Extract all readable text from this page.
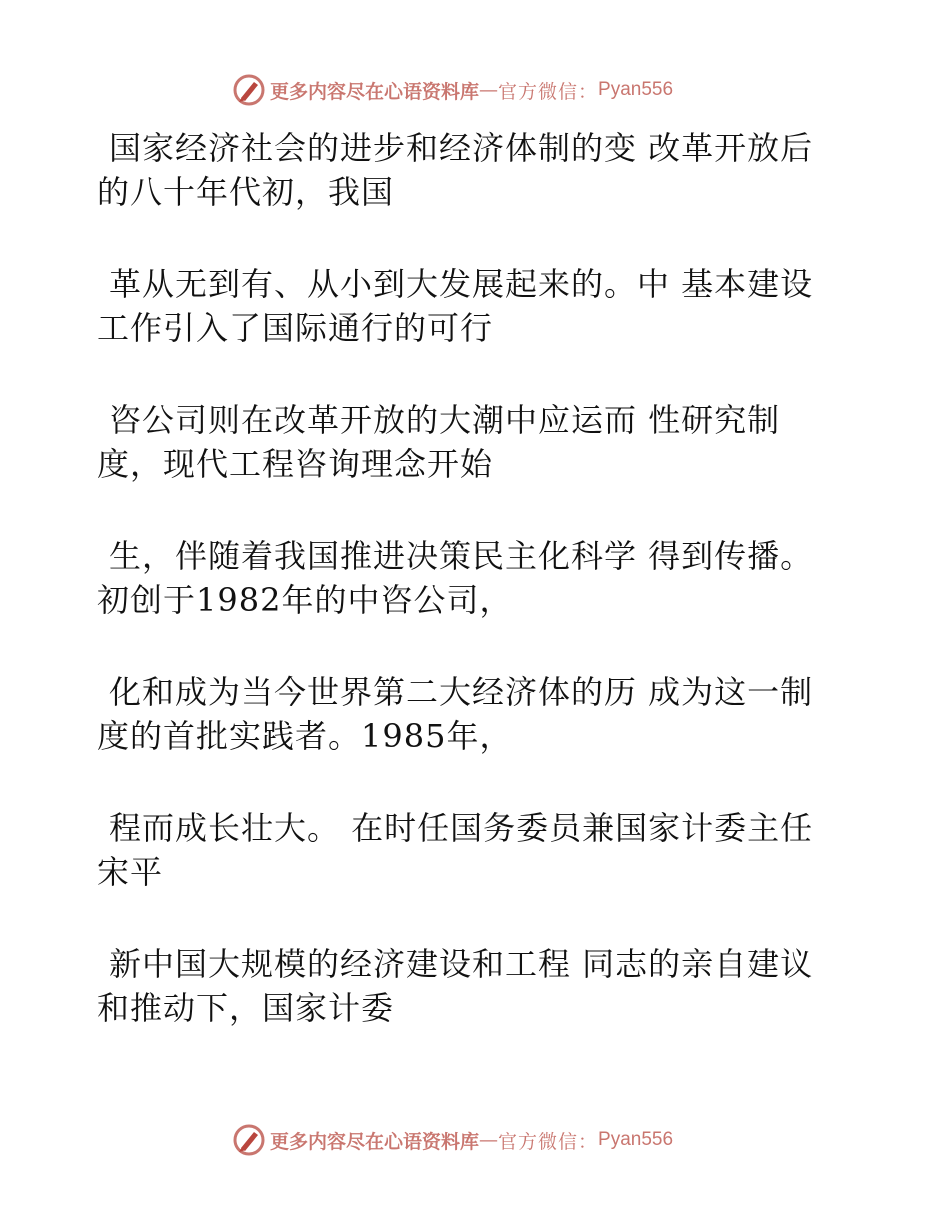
更多内容尽在心语资料库 — 官方微信： Pyan556

国家经济社会的进步和经济体制的变 改革开放后
的八十年代初，我国

革从无到有、从小到大发展起来的。中 基本建设
工作引入了国际通行的可行

咨公司则在改革开放的大潮中应运而 性研究制
度，现代工程咨询理念开始

生，伴随着我国推进决策民主化科学 得到传播。
初创于1982年的中咨公司，

化和成为当今世界第二大经济体的历 成为这一制
度的首批实践者。1985年，

程而成长壮大。 在时任国务委员兼国家计委主任
宋平

新中国大规模的经济建设和工程 同志的亲自建议
和推动下，国家计委

更多内容尽在心语资料库 — 官方微信： Pyan556
